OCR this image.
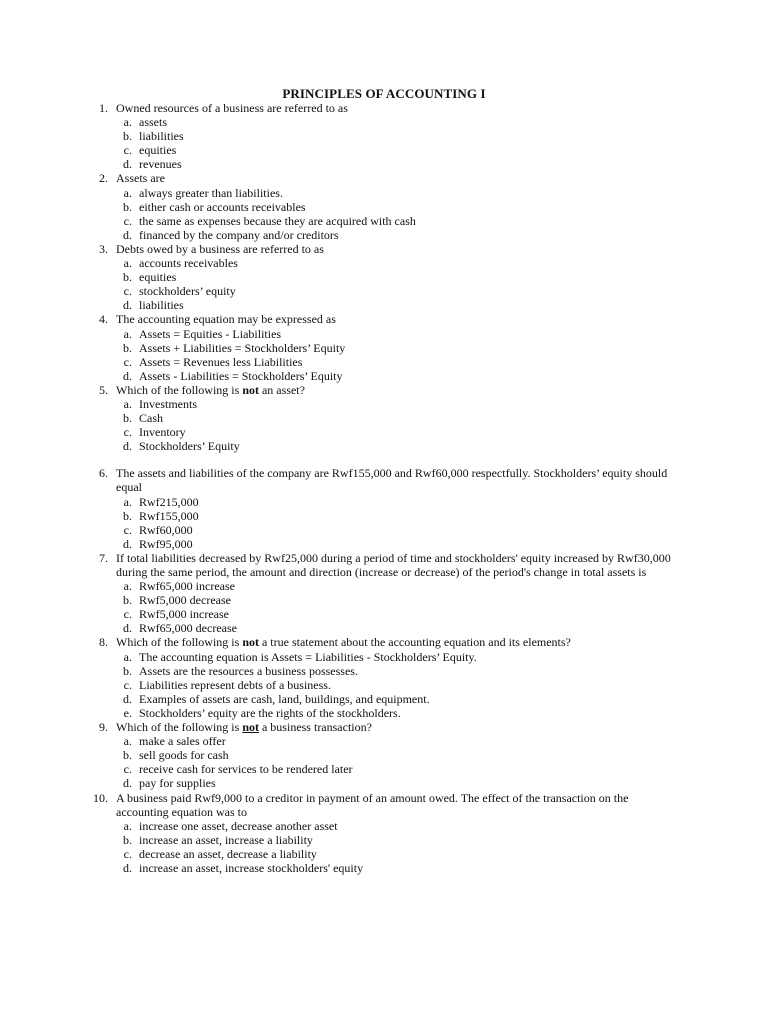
PRINCIPLES OF ACCOUNTING I
1. Owned resources of a business are referred to as
a. assets
b. liabilities
c. equities
d. revenues
2. Assets are
a. always greater than liabilities.
b. either cash or accounts receivables
c. the same as expenses because they are acquired with cash
d. financed by the company and/or creditors
3. Debts owed by a business are referred to as
a. accounts receivables
b. equities
c. stockholders’ equity
d. liabilities
4. The accounting equation may be expressed as
a. Assets = Equities - Liabilities
b. Assets + Liabilities = Stockholders’ Equity
c. Assets = Revenues less Liabilities
d. Assets - Liabilities = Stockholders’ Equity
5. Which of the following is not an asset?
a. Investments
b. Cash
c. Inventory
d. Stockholders’ Equity
6. The assets and liabilities of the company are Rwf155,000 and Rwf60,000 respectfully. Stockholders’ equity should equal
a. Rwf215,000
b. Rwf155,000
c. Rwf60,000
d. Rwf95,000
7. If total liabilities decreased by Rwf25,000 during a period of time and stockholders' equity increased by Rwf30,000 during the same period, the amount and direction (increase or decrease) of the period's change in total assets is
a. Rwf65,000 increase
b. Rwf5,000 decrease
c. Rwf5,000 increase
d. Rwf65,000 decrease
8. Which of the following is not a true statement about the accounting equation and its elements?
a. The accounting equation is Assets = Liabilities - Stockholders’ Equity.
b. Assets are the resources a business possesses.
c. Liabilities represent debts of a business.
d. Examples of assets are cash, land, buildings, and equipment.
e. Stockholders’ equity are the rights of the stockholders.
9. Which of the following is not a business transaction?
a. make a sales offer
b. sell goods for cash
c. receive cash for services to be rendered later
d. pay for supplies
10. A business paid Rwf9,000 to a creditor in payment of an amount owed. The effect of the transaction on the accounting equation was to
a. increase one asset, decrease another asset
b. increase an asset, increase a liability
c. decrease an asset, decrease a liability
d. increase an asset, increase stockholders' equity
